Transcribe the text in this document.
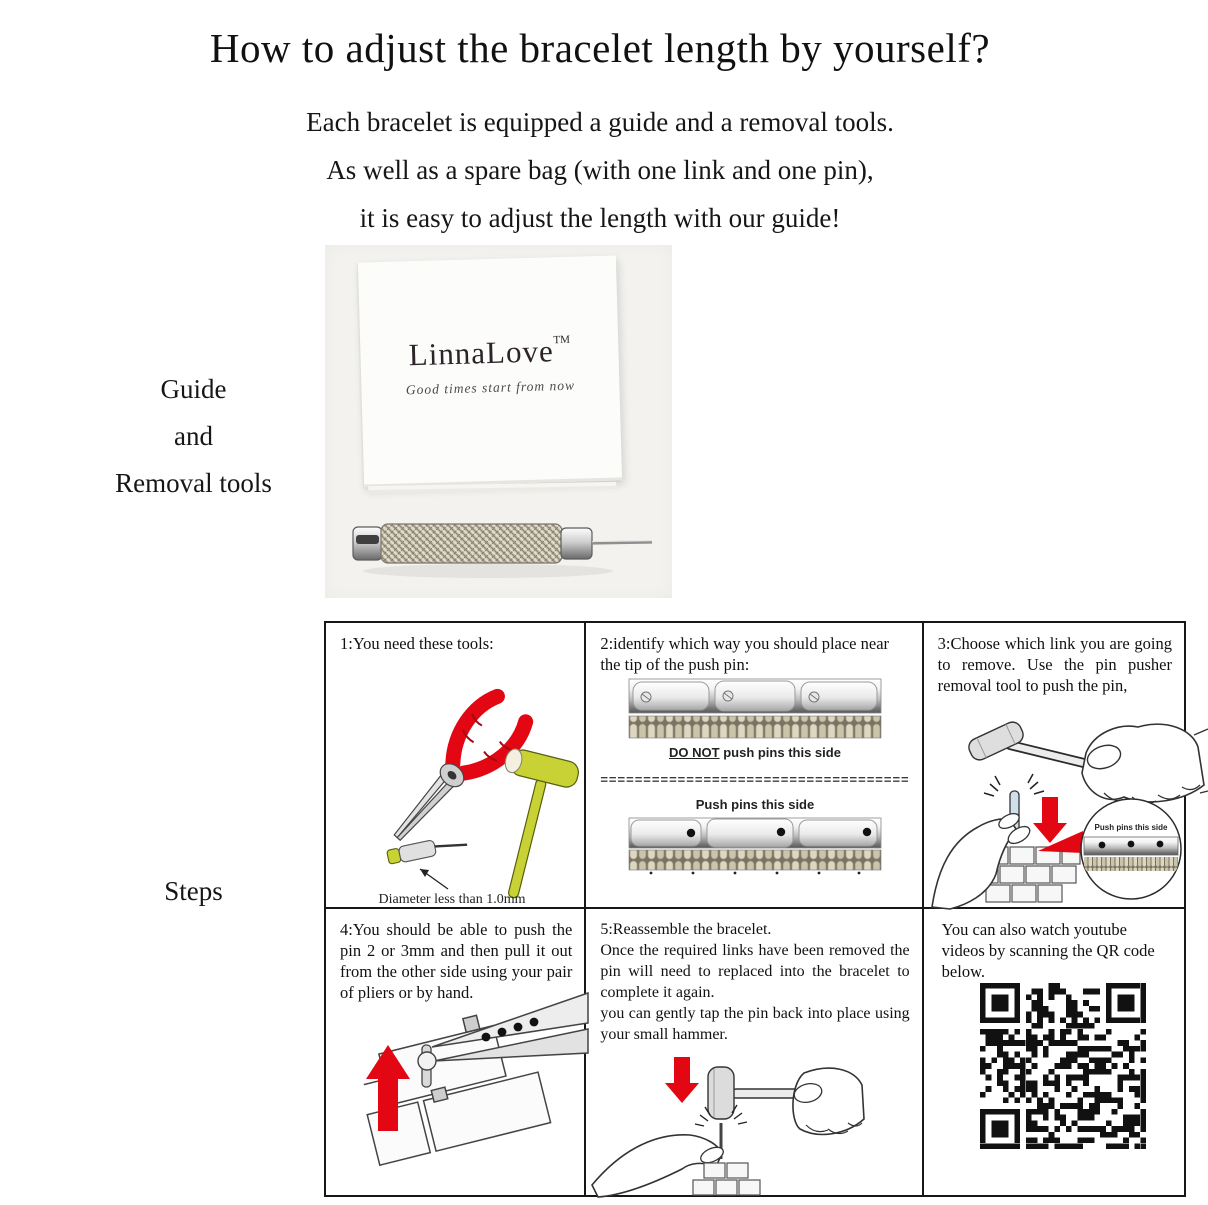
How to adjust the bracelet length by yourself?

Each bracelet is equipped a guide and a removal tools.

As well as a spare bag (with one link and one pin),

it is easy to adjust the length with our guide!

Guide
and
Removal tools
Steps
LinnaLove™
Good times start from now

1:You need these tools:

Diameter less than 1.0mm

2:identify which way you should place near the tip of the push pin:

DO NOT push pins this side
====================================
Push pins this side

3:Choose which link you are going to remove. Use the pin pusher removal tool to push the pin,

Push pins this side

4:You should be able to push the pin 2 or 3mm and then pull it out from the other side using your pair of pliers or by hand.

5:Reassemble the bracelet.

Once the required links have been removed the pin will need to replaced into the bracelet to complete it again.

you can gently tap the pin back into place using your small hammer.

You can also watch youtube videos by scanning the QR code below.
